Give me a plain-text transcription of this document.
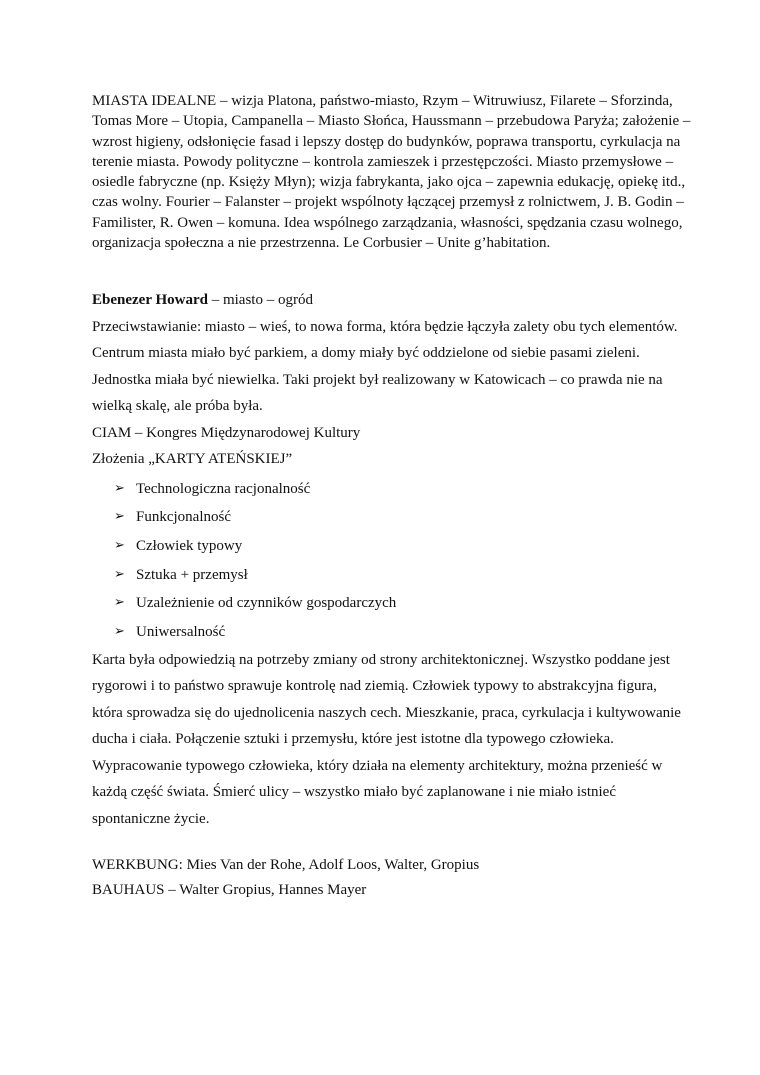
MIASTA IDEALNE – wizja Platona, państwo-miasto, Rzym – Witruwiusz, Filarete – Sforzinda, Tomas More – Utopia, Campanella – Miasto Słońca, Haussmann – przebudowa Paryża; założenie – wzrost higieny, odsłonięcie fasad i lepszy dostęp do budynków, poprawa transportu, cyrkulacja na terenie miasta. Powody polityczne – kontrola zamieszek i przestępczości. Miasto przemysłowe – osiedle fabryczne (np. Księży Młyn); wizja fabrykanta, jako ojca – zapewnia edukację, opiekę itd., czas wolny. Fourier – Falanster – projekt wspólnoty łączącej przemysł z rolnictwem, J. B. Godin – Familister, R. Owen – komuna. Idea wspólnego zarządzania, własności, spędzania czasu wolnego, organizacja społeczna a nie przestrzenna. Le Corbusier – Unite g’habitation.

Ebenezer Howard – miasto – ogród

Przeciwstawianie: miasto – wieś, to nowa forma, która będzie łączyła zalety obu tych elementów. Centrum miasta miało być parkiem, a domy miały być oddzielone od siebie pasami zieleni. Jednostka miała być niewielka. Taki projekt był realizowany w Katowicach – co prawda nie na wielką skalę, ale próba była.

CIAM – Kongres Międzynarodowej Kultury

Złożenia „KARTY ATEŃSKIEJ”

➢ Technologiczna racjonalność
➢ Funkcjonalność
➢ Człowiek typowy
➢ Sztuka + przemysł
➢ Uzależnienie od czynników gospodarczych
➢ Uniwersalność

Karta była odpowiedzią na potrzeby zmiany od strony architektonicznej. Wszystko poddane jest rygorowi i to państwo sprawuje kontrolę nad ziemią. Człowiek typowy to abstrakcyjna figura, która sprowadza się do ujednolicenia naszych cech. Mieszkanie, praca, cyrkulacja i kultywowanie ducha i ciała. Połączenie sztuki i przemysłu, które jest istotne dla typowego człowieka. Wypracowanie typowego człowieka, który działa na elementy architektury, można przenieść w każdą część świata. Śmierć ulicy – wszystko miało być zaplanowane i nie miało istnieć spontaniczne życie.

WERKBUNG: Mies Van der Rohe, Adolf Loos, Walter, Gropius

BAUHAUS – Walter Gropius, Hannes Mayer
